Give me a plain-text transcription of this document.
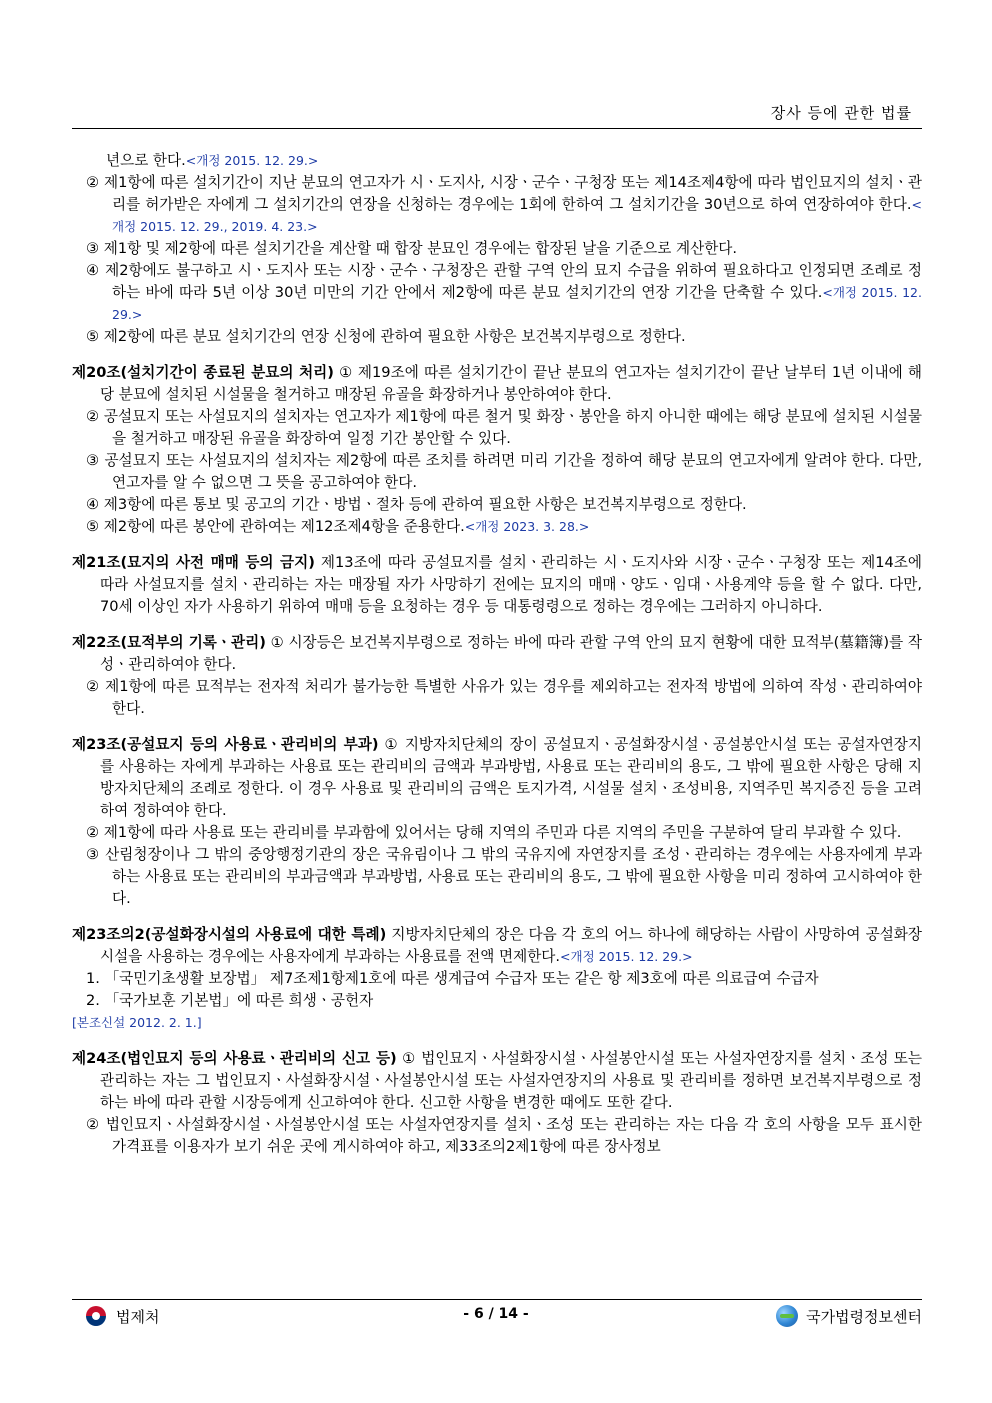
장사 등에 관한 법률
년으로 한다.<개정 2015. 12. 29.>
② 제1항에 따른 설치기간이 지난 분묘의 연고자가 시ㆍ도지사, 시장ㆍ군수ㆍ구청장 또는 제14조제4항에 따라 법인묘지의 설치ㆍ관리를 허가받은 자에게 그 설치기간의 연장을 신청하는 경우에는 1회에 한하여 그 설치기간을 30년으로 하여 연장하여야 한다.<개정 2015. 12. 29., 2019. 4. 23.>
③ 제1항 및 제2항에 따른 설치기간을 계산할 때 합장 분묘인 경우에는 합장된 날을 기준으로 계산한다.
④ 제2항에도 불구하고 시ㆍ도지사 또는 시장ㆍ군수ㆍ구청장은 관할 구역 안의 묘지 수급을 위하여 필요하다고 인정되면 조례로 정하는 바에 따라 5년 이상 30년 미만의 기간 안에서 제2항에 따른 분묘 설치기간의 연장 기간을 단축할 수 있다.<개정 2015. 12. 29.>
⑤ 제2항에 따른 분묘 설치기간의 연장 신청에 관하여 필요한 사항은 보건복지부령으로 정한다.
제20조(설치기간이 종료된 분묘의 처리) ① 제19조에 따른 설치기간이 끝난 분묘의 연고자는 설치기간이 끝난 날부터 1년 이내에 해당 분묘에 설치된 시설물을 철거하고 매장된 유골을 화장하거나 봉안하여야 한다.
② 공설묘지 또는 사설묘지의 설치자는 연고자가 제1항에 따른 철거 및 화장ㆍ봉안을 하지 아니한 때에는 해당 분묘에 설치된 시설물을 철거하고 매장된 유골을 화장하여 일정 기간 봉안할 수 있다.
③ 공설묘지 또는 사설묘지의 설치자는 제2항에 따른 조치를 하려면 미리 기간을 정하여 해당 분묘의 연고자에게 알려야 한다. 다만, 연고자를 알 수 없으면 그 뜻을 공고하여야 한다.
④ 제3항에 따른 통보 및 공고의 기간ㆍ방법ㆍ절차 등에 관하여 필요한 사항은 보건복지부령으로 정한다.
⑤ 제2항에 따른 봉안에 관하여는 제12조제4항을 준용한다.<개정 2023. 3. 28.>
제21조(묘지의 사전 매매 등의 금지) 제13조에 따라 공설묘지를 설치ㆍ관리하는 시ㆍ도지사와 시장ㆍ군수ㆍ구청장 또는 제14조에 따라 사설묘지를 설치ㆍ관리하는 자는 매장될 자가 사망하기 전에는 묘지의 매매ㆍ양도ㆍ임대ㆍ사용계약 등을 할 수 없다. 다만, 70세 이상인 자가 사용하기 위하여 매매 등을 요청하는 경우 등 대통령령으로 정하는 경우에는 그러하지 아니하다.
제22조(묘적부의 기록ㆍ관리) ① 시장등은 보건복지부령으로 정하는 바에 따라 관할 구역 안의 묘지 현황에 대한 묘적부(墓籍簿)를 작성ㆍ관리하여야 한다.
② 제1항에 따른 묘적부는 전자적 처리가 불가능한 특별한 사유가 있는 경우를 제외하고는 전자적 방법에 의하여 작성ㆍ관리하여야 한다.
제23조(공설묘지 등의 사용료ㆍ관리비의 부과) ① 지방자치단체의 장이 공설묘지ㆍ공설화장시설ㆍ공설봉안시설 또는 공설자연장지를 사용하는 자에게 부과하는 사용료 또는 관리비의 금액과 부과방법, 사용료 또는 관리비의 용도, 그 밖에 필요한 사항은 당해 지방자치단체의 조례로 정한다. 이 경우 사용료 및 관리비의 금액은 토지가격, 시설물 설치ㆍ조성비용, 지역주민 복지증진 등을 고려하여 정하여야 한다.
② 제1항에 따라 사용료 또는 관리비를 부과함에 있어서는 당해 지역의 주민과 다른 지역의 주민을 구분하여 달리 부과할 수 있다.
③ 산림청장이나 그 밖의 중앙행정기관의 장은 국유림이나 그 밖의 국유지에 자연장지를 조성ㆍ관리하는 경우에는 사용자에게 부과하는 사용료 또는 관리비의 부과금액과 부과방법, 사용료 또는 관리비의 용도, 그 밖에 필요한 사항을 미리 정하여 고시하여야 한다.
제23조의2(공설화장시설의 사용료에 대한 특례) 지방자치단체의 장은 다음 각 호의 어느 하나에 해당하는 사람이 사망하여 공설화장시설을 사용하는 경우에는 사용자에게 부과하는 사용료를 전액 면제한다.<개정 2015. 12. 29.>
1. 「국민기초생활 보장법」 제7조제1항제1호에 따른 생계급여 수급자 또는 같은 항 제3호에 따른 의료급여 수급자
2. 「국가보훈 기본법」에 따른 희생ㆍ공헌자
[본조신설 2012. 2. 1.]
제24조(법인묘지 등의 사용료ㆍ관리비의 신고 등) ① 법인묘지ㆍ사설화장시설ㆍ사설봉안시설 또는 사설자연장지를 설치ㆍ조성 또는 관리하는 자는 그 법인묘지ㆍ사설화장시설ㆍ사설봉안시설 또는 사설자연장지의 사용료 및 관리비를 정하면 보건복지부령으로 정하는 바에 따라 관할 시장등에게 신고하여야 한다. 신고한 사항을 변경한 때에도 또한 같다.
② 법인묘지ㆍ사설화장시설ㆍ사설봉안시설 또는 사설자연장지를 설치ㆍ조성 또는 관리하는 자는 다음 각 호의 사항을 모두 표시한 가격표를 이용자가 보기 쉬운 곳에 게시하여야 하고, 제33조의2제1항에 따른 장사정보
법제처	- 6 / 14 -	국가법령정보센터
